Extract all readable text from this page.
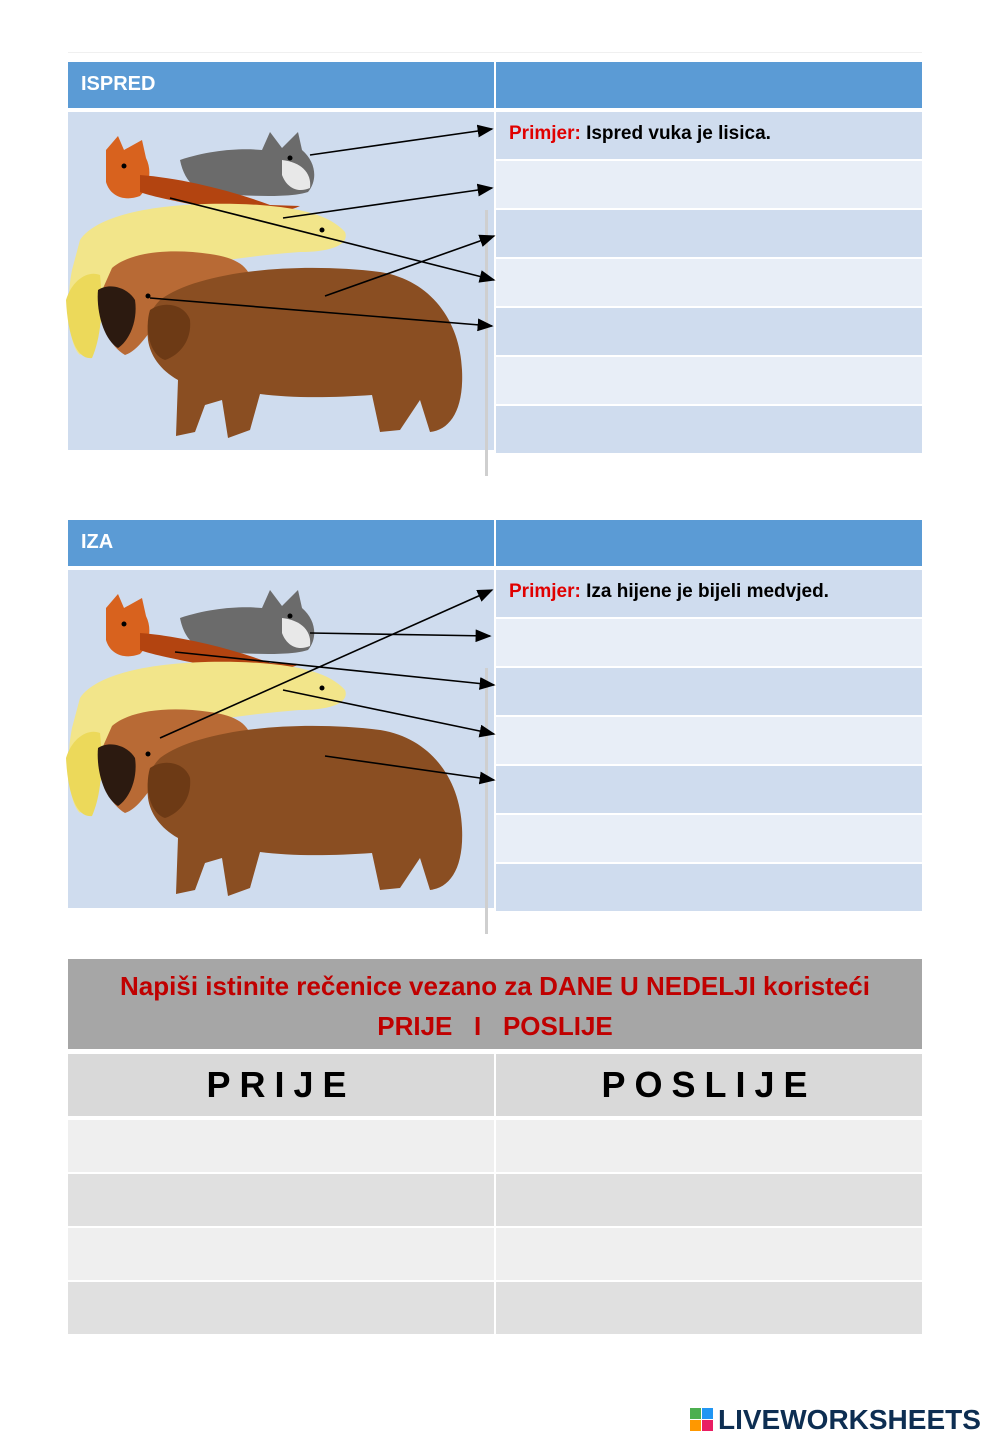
ISPRED
Primjer: Ispred vuka je lisica.
IZA
Primjer: Iza hijene je bijeli medvjed.
Napiši istinite rečenice vezano za DANE U NEDELJI koristeći
PRIJE   I   POSLIJE
PRIJE	POSLIJE
LIVEWORKSHEETS
